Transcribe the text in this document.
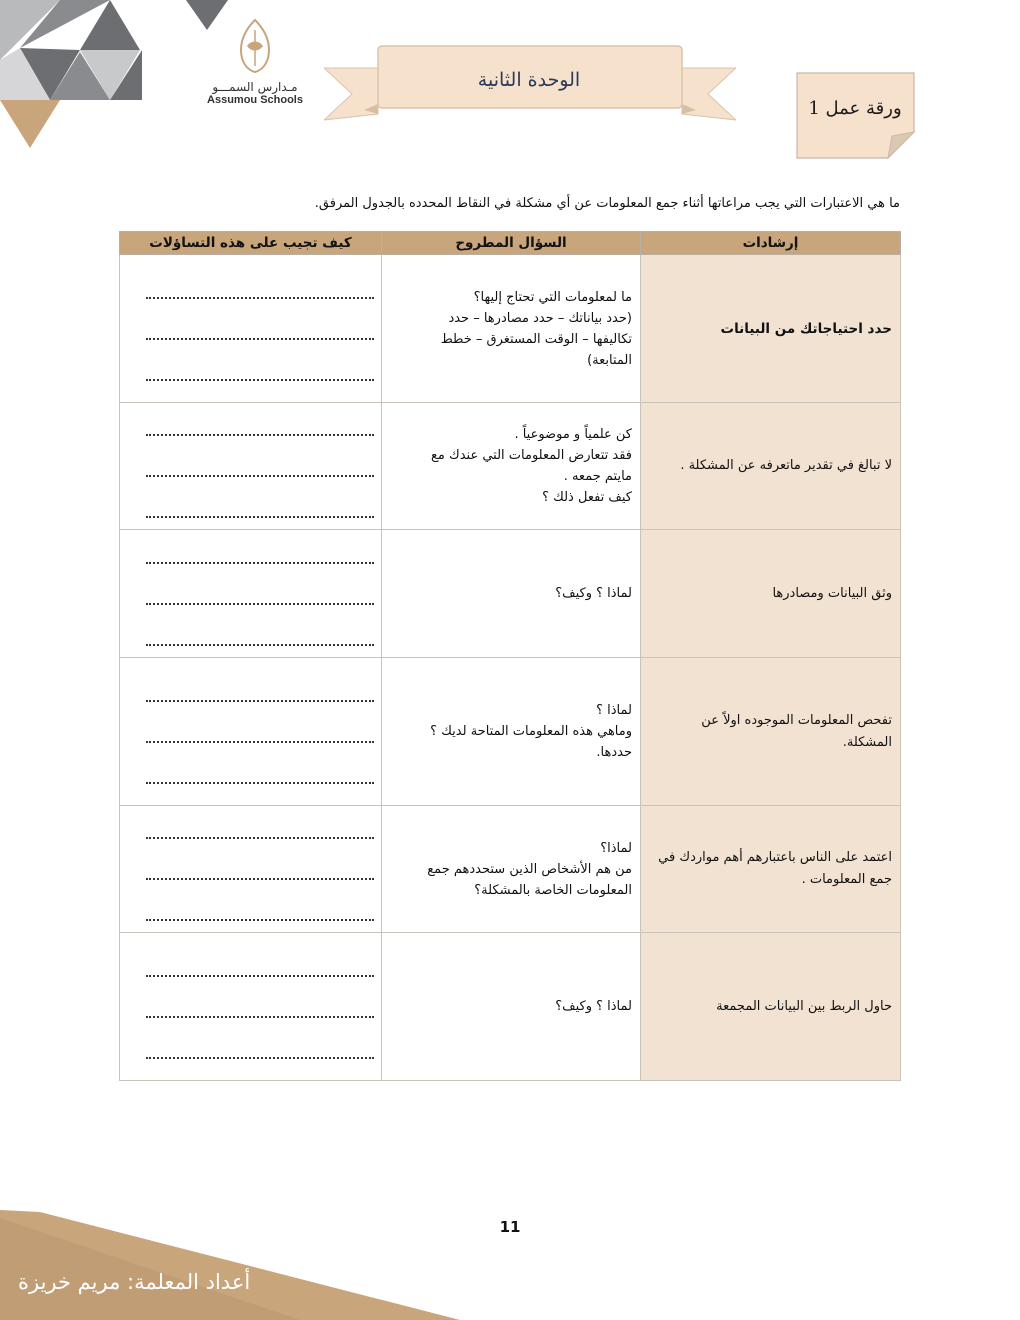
مـدارس السمـــو
Assumou Schools
الوحدة الثانية
ورقة عمل 1
ما هي الاعتبارات التي يجب مراعاتها أثناء جمع المعلومات عن أي مشكلة في النقاط المحدده بالجدول المرفق.
إرشادات	السؤال المطروح	كيف تجيب على هذه التساؤلات
حدد احتياجاتك من البيانات	ما لمعلومات التي تحتاج إليها؟
(حدد بياناتك – حدد مصادرها – حدد
تكاليفها – الوقت المستغرق – خطط
المتابعة)	

لا تبالغ في تقدير ماتعرفه عن المشكلة .	كن علمياً و موضوعياً .
فقد تتعارض المعلومات التي عندك مع
مايتم جمعه .
كيف تفعل ذلك ؟	

وثق البيانات ومصادرها	لماذا ؟ وكيف؟	

تفحص المعلومات الموجوده اولاً عن المشكلة.	لماذا ؟
وماهي هذه المعلومات المتاحة لديك ؟
حددها.	

اعتمد على الناس باعتبارهم أهم مواردك في جمع المعلومات .	لماذا؟
من هم الأشخاص الذين ستحددهم جمع
المعلومات الخاصة بالمشكلة؟	

حاول الربط بين البيانات المجمعة	لماذا ؟ وكيف؟	

11
أعداد المعلمة: مريم خريزة
